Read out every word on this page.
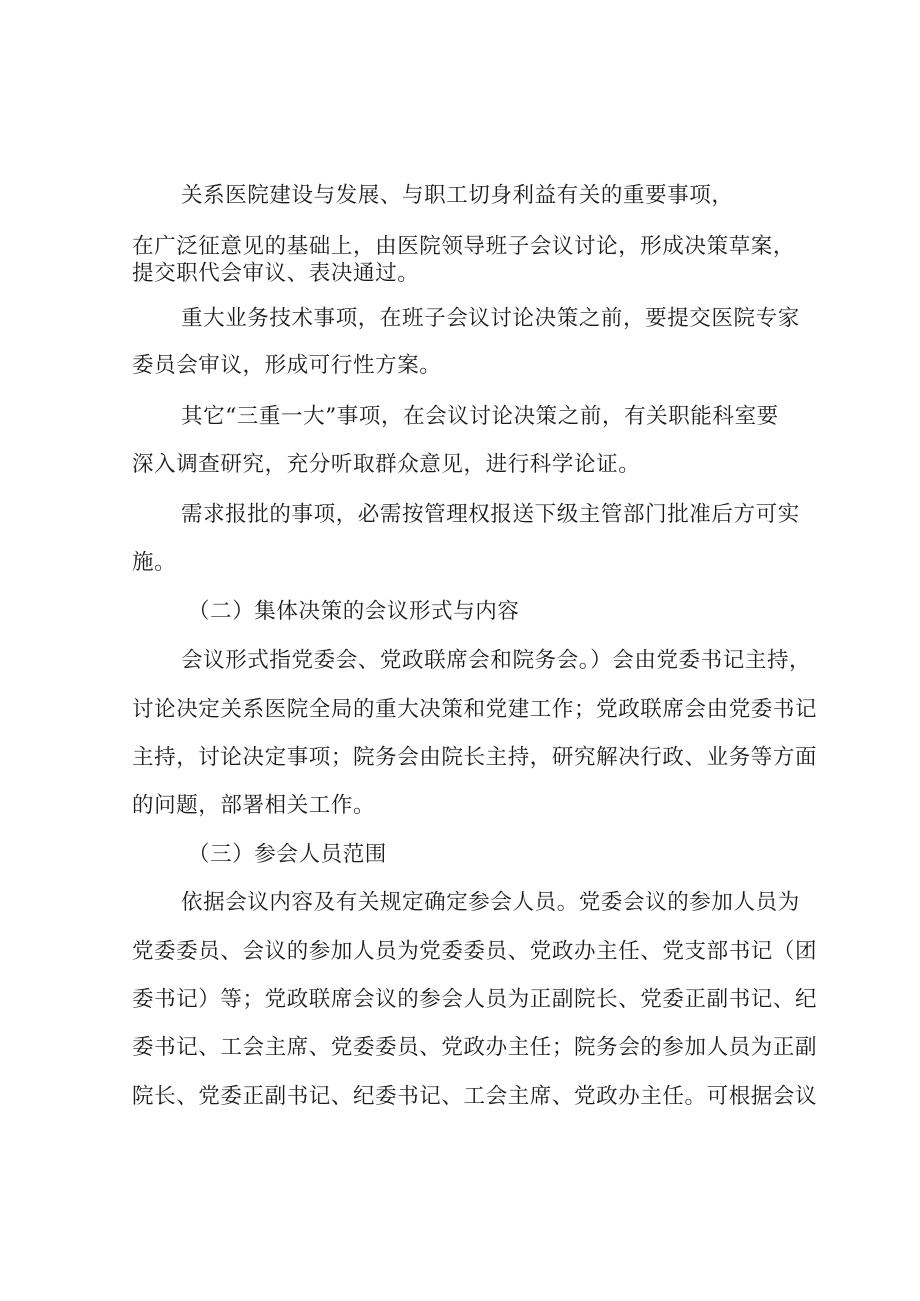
关系医院建设与发展、与职工切身利益有关的重要事项，
在广泛征意见的基础上，由医院领导班子会议讨论，形成决策草案，
提交职代会审议、表决通过。
重大业务技术事项，在班子会议讨论决策之前，要提交医院专家
委员会审议，形成可行性方案。
其它“三重一大”事项，在会议讨论决策之前，有关职能科室要
深入调查研究，充分听取群众意见，进行科学论证。
需求报批的事项，必需按管理权报送下级主管部门批准后方可实
施。
（二）集体决策的会议形式与内容
会议形式指党委会、党政联席会和院务会。）会由党委书记主持，
讨论决定关系医院全局的重大决策和党建工作；党政联席会由党委书记
主持，讨论决定事项；院务会由院长主持，研究解决行政、业务等方面
的问题，部署相关工作。
（三）参会人员范围
依据会议内容及有关规定确定参会人员。党委会议的参加人员为
党委委员、会议的参加人员为党委委员、党政办主任、党支部书记（团
委书记）等；党政联席会议的参会人员为正副院长、党委正副书记、纪
委书记、工会主席、党委委员、党政办主任；院务会的参加人员为正副
院长、党委正副书记、纪委书记、工会主席、党政办主任。可根据会议
